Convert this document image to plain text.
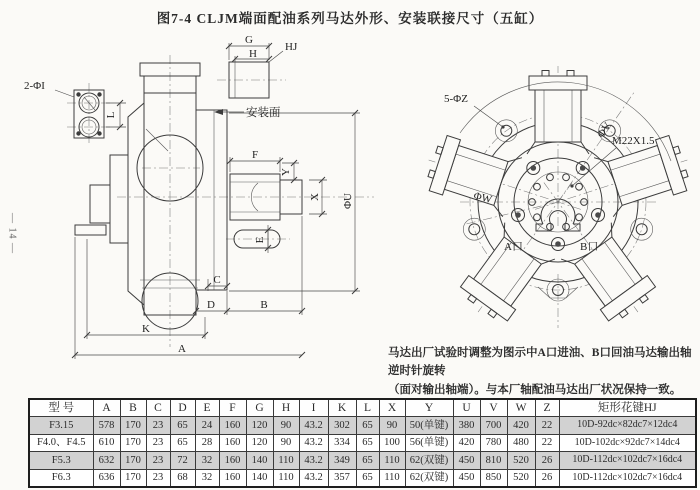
图7-4 CLJM端面配油系列马达外形、安装联接尺寸（五缸）
— 14 —
2-ΦI
L
G
H
HJ
安装面
F
Y
X ΦU
E
C
D	B
K
A
5-ΦZ
M22X1.5
ΦV
ΦW
A口	B口
马达出厂试验时调整为图示中A口进油、B口回油马达输出轴逆时针旋转
（面对输出轴端）。与本厂轴配油马达出厂状况保持一致。
型 号	A	B	C	D	E	F	G	H	I	K	L	X	Y	U	V	W	Z	矩形花键HJ
F3.15	578	170	23	65	24	160	120	90	43.2	302	65	90	50(单键)	380	700	420	22	10D-92dc×82dc7×12dc4
F4.0、F4.5	610	170	23	65	28	160	120	90	43.2	334	65	100	56(单键)	420	780	480	22	10D-102dc×92dc7×14dc4
F5.3	632	170	23	72	32	160	140	110	43.2	349	65	110	62(双键)	450	810	520	26	10D-112dc×102dc7×16dc4
F6.3	636	170	23	68	32	160	140	110	43.2	357	65	110	62(双键)	450	850	520	26	10D-112dc×102dc7×16dc4
